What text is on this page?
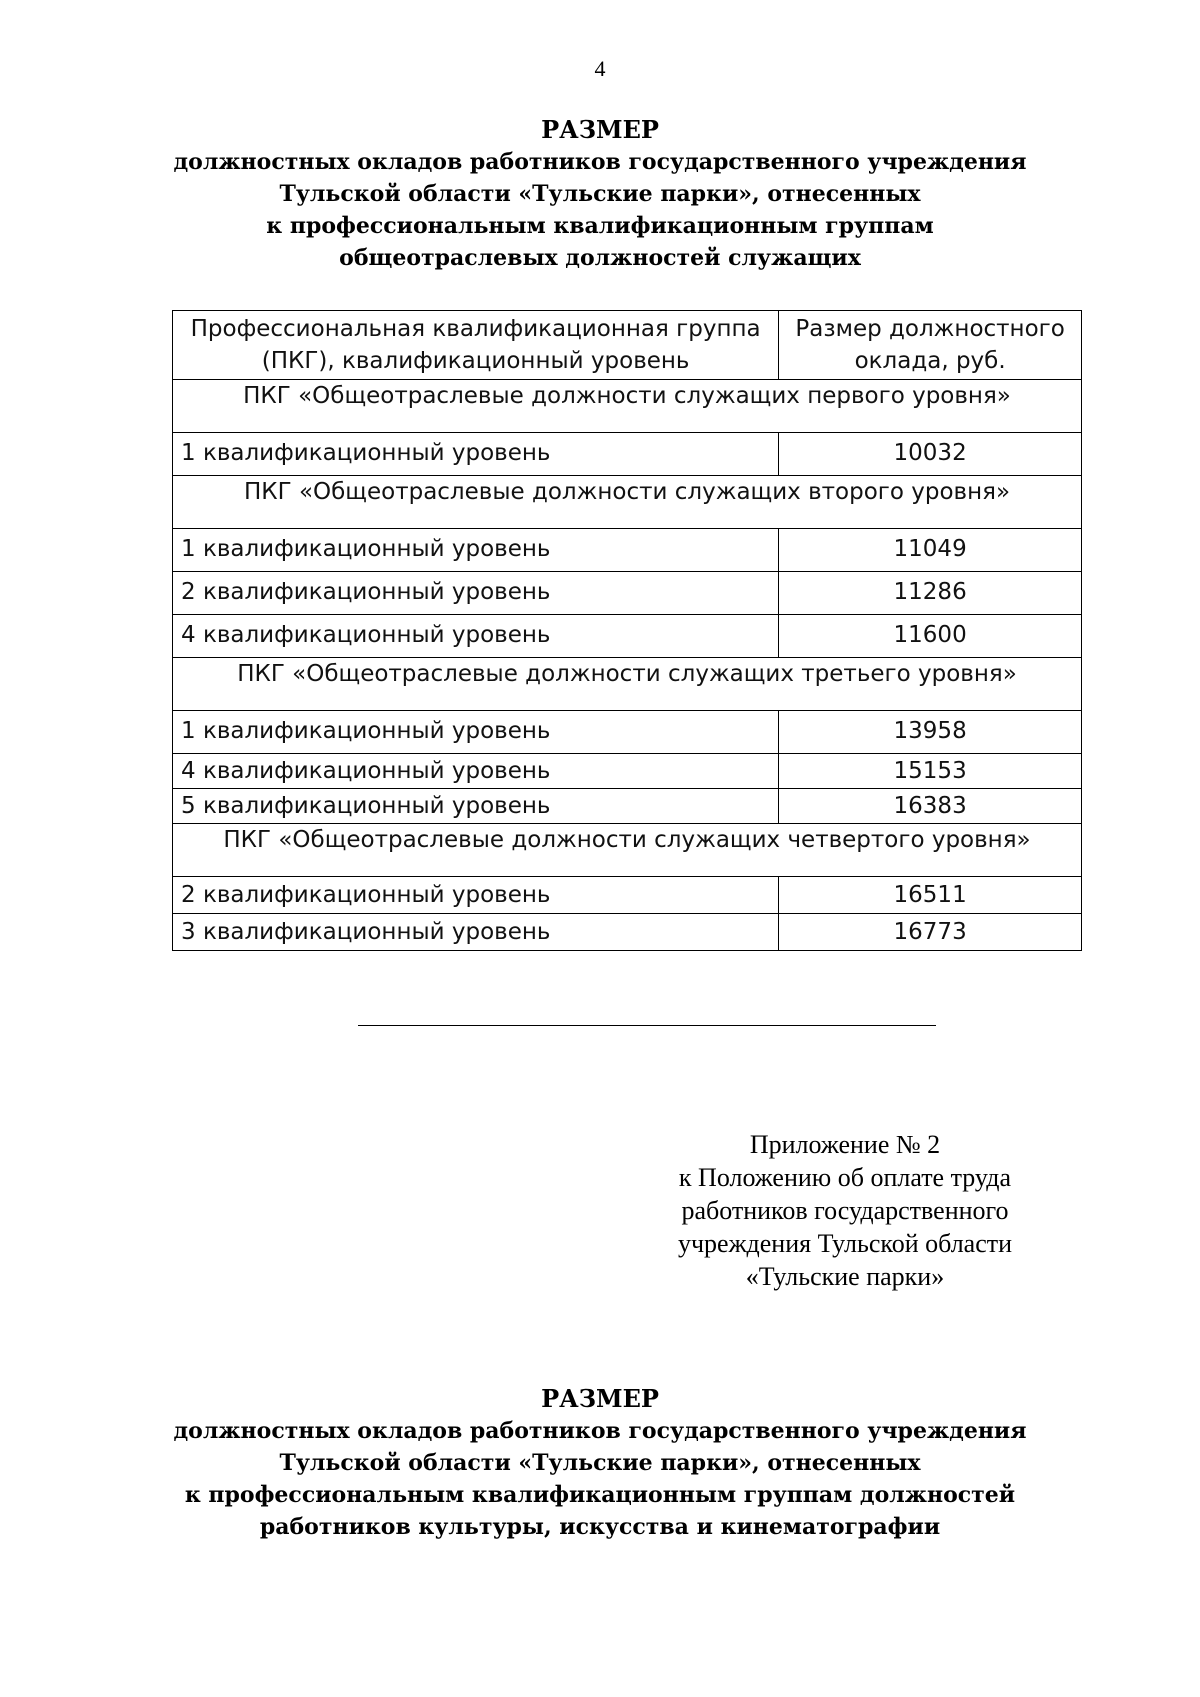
4
РАЗМЕР
должностных окладов работников государственного учреждения
Тульской области «Тульские парки», отнесенных
к профессиональным квалификационным группам
общеотраслевых должностей служащих
Профессиональная квалификационная группа (ПКГ), квалификационный уровень	Размер должностного оклада, руб.
ПКГ «Общеотраслевые должности служащих первого уровня»	
1 квалификационный уровень	10032
ПКГ «Общеотраслевые должности служащих второго уровня»	
1 квалификационный уровень	11049
2 квалификационный уровень	11286
4 квалификационный уровень	11600
ПКГ «Общеотраслевые должности служащих третьего уровня»	
1 квалификационный уровень	13958
4 квалификационный уровень	15153
5 квалификационный уровень	16383
ПКГ «Общеотраслевые должности служащих четвертого уровня»	
2 квалификационный уровень	16511
3 квалификационный уровень	16773
Приложение № 2
к Положению об оплате труда
работников государственного
учреждения Тульской области
«Тульские парки»
РАЗМЕР
должностных окладов работников государственного учреждения
Тульской области «Тульские парки», отнесенных
к профессиональным квалификационным группам должностей
работников культуры, искусства и кинематографии
